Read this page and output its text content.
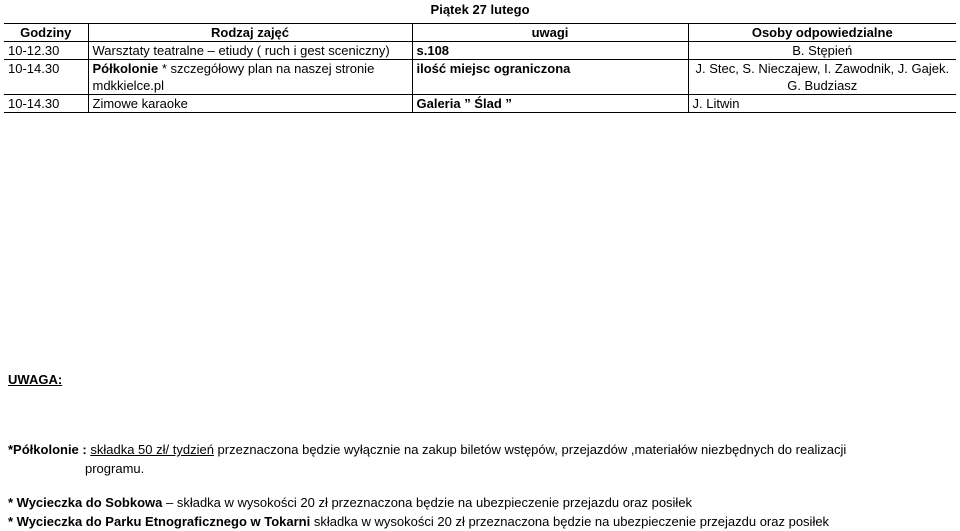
Piątek 27 lutego			
Godziny	Rodzaj zajęć	uwagi	Osoby odpowiedzialne
10-12.30	Warsztaty teatralne – etiudy ( ruch i gest sceniczny)	s.108	B. Stępień
10-14.30	Półkolonie * szczegółowy plan na naszej stronie mdkkielce.pl	ilość miejsc ograniczona	J. Stec, S. Nieczajew, I. Zawodnik, J. Gajek. G. Budziasz
10-14.30	Zimowe karaoke	Galeria ” Ślad ”	J. Litwin
UWAGA:
*Półkolonie : składka 50 zł/ tydzień przeznaczona będzie wyłącznie na zakup biletów wstępów, przejazdów ,materiałów niezbędnych do realizacji
programu.
* Wycieczka do Sobkowa – składka w wysokości 20 zł przeznaczona będzie na ubezpieczenie przejazdu oraz posiłek
* Wycieczka do Parku Etnograficznego w Tokarni składka w wysokości 20 zł przeznaczona będzie na ubezpieczenie przejazdu oraz posiłek
